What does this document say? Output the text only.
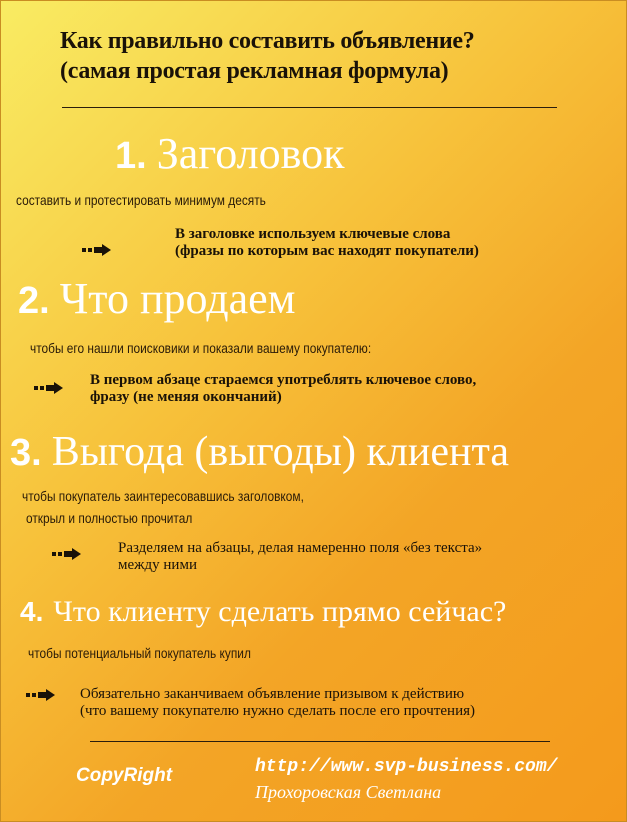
Как правильно составить объявление?
(самая простая рекламная формула)
1. Заголовок
составить и протестировать минимум десять
В заголовке используем ключевые слова
(фразы по которым вас находят покупатели)
2. Что продаем
чтобы его нашли поисковики и показали вашему покупателю:
В первом абзаце стараемся употреблять ключевое слово,
фразу (не меняя окончаний)
3. Выгода (выгоды) клиента
чтобы покупатель заинтересовавшись заголовком,
открыл и полностью прочитал
Разделяем на абзацы, делая намеренно поля «без текста»
между ними
4. Что клиенту сделать прямо сейчас?
чтобы потенциальный покупатель купил
Обязательно заканчиваем объявление призывом к действию
(что вашему покупателю нужно сделать после его прочтения)
CopyRight	http://www.svp-business.com/
Прохоровская Светлана
